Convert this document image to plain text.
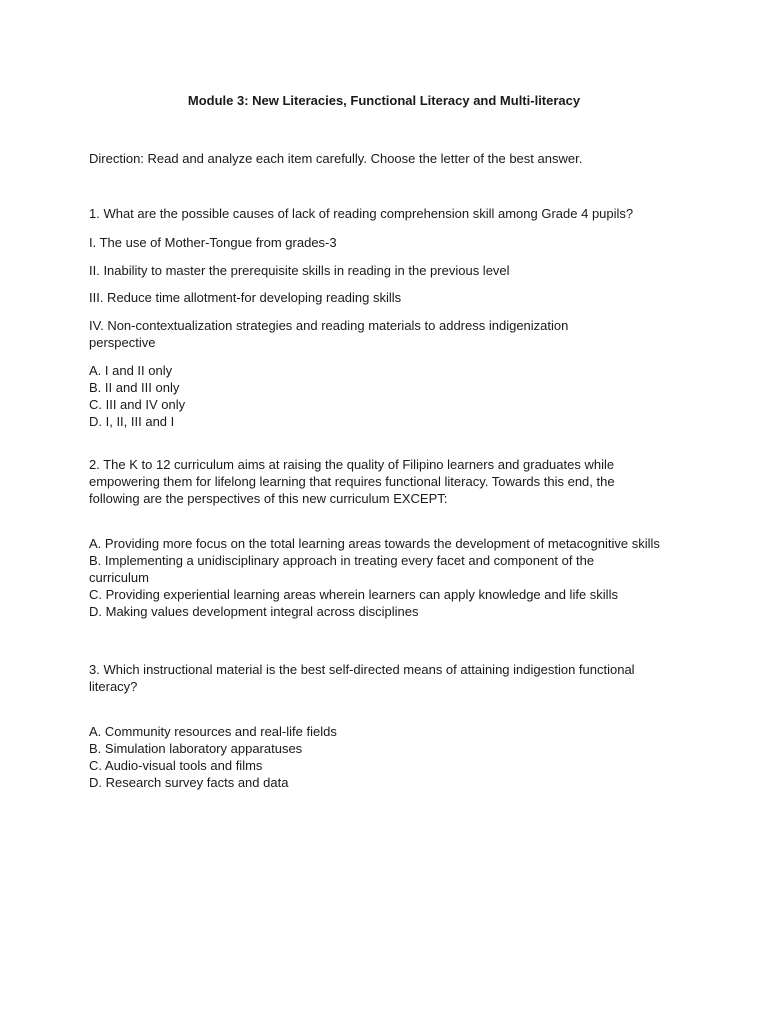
Module 3: New Literacies, Functional Literacy and Multi-literacy
Direction: Read and analyze each item carefully. Choose the letter of the best answer.
1. What are the possible causes of lack of reading comprehension skill among Grade 4 pupils?
I. The use of Mother-Tongue from grades-3
II. Inability to master the prerequisite skills in reading in the previous level
III. Reduce time allotment-for developing reading skills
IV. Non-contextualization strategies and reading materials to address indigenization perspective
A. I and II only
B. II and III only
C. III and IV only
D. I, II, III and I
2. The K to 12 curriculum aims at raising the quality of Filipino learners and graduates while empowering them for lifelong learning that requires functional literacy. Towards this end, the following are the perspectives of this new curriculum EXCEPT:
A. Providing more focus on the total learning areas towards the development of metacognitive skills
B. Implementing a unidisciplinary approach in treating every facet and component of the curriculum
C. Providing experiential learning areas wherein learners can apply knowledge and life skills
D. Making values development integral across disciplines
3. Which instructional material is the best self-directed means of attaining indigestion functional literacy?
A. Community resources and real-life fields
B. Simulation laboratory apparatuses
C. Audio-visual tools and films
D. Research survey facts and data
